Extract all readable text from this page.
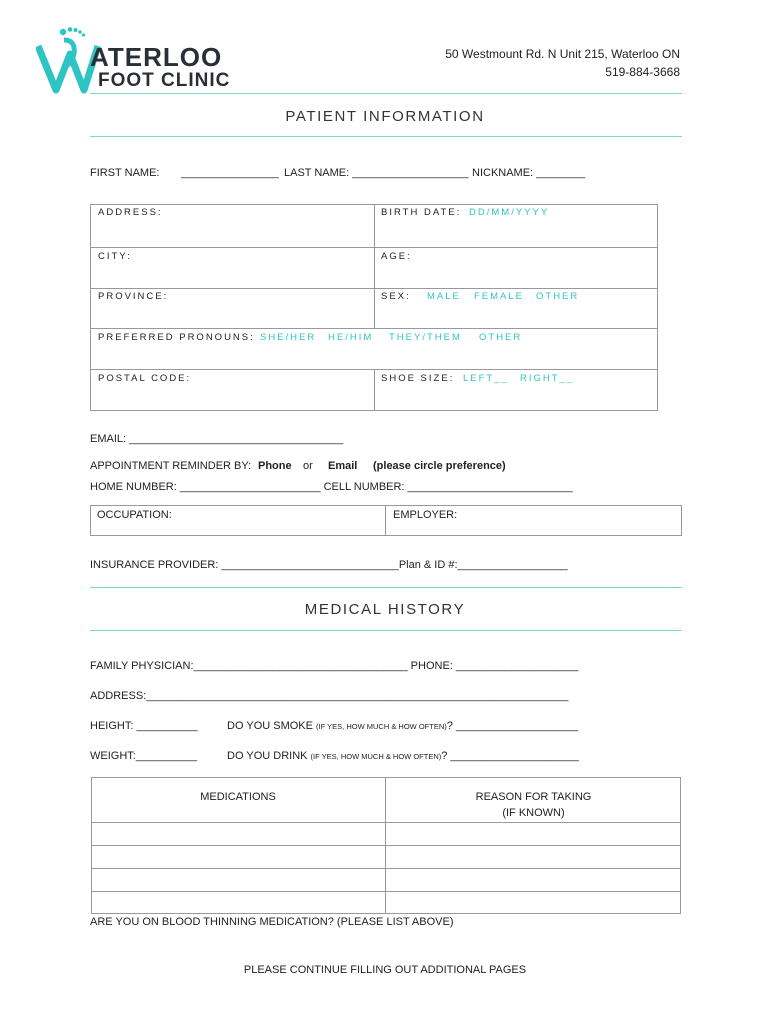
ATERLOO
FOOT CLINIC
50 Westmount Rd. N Unit 215, Waterloo ON
519-884-3668
PATIENT INFORMATION
FIRST NAME: ________________ LAST NAME: ___________________ NICKNAME: ________
ADDRESS:	BIRTH DATE: DD/MM/YYYY
CITY:	AGE:
PROVINCE:	SEX: MALE FEMALE OTHER
PREFERRED PRONOUNS: SHE/HER HE/HIM THEY/THEM OTHER
POSTAL CODE:	SHOE SIZE: LEFT__ RIGHT__
EMAIL: ___________________________________
APPOINTMENT REMINDER BY: Phone or Email (please circle preference)
HOME NUMBER: _______________________ CELL NUMBER: ___________________________
OCCUPATION:	EMPLOYER:
INSURANCE PROVIDER: _____________________________Plan & ID #:__________________
MEDICAL HISTORY
FAMILY PHYSICIAN:___________________________________ PHONE: ____________________
ADDRESS:_____________________________________________________________________
HEIGHT: __________	DO YOU SMOKE (IF YES, HOW MUCH & HOW OFTEN)? ____________________
WEIGHT:__________	DO YOU DRINK (IF YES, HOW MUCH & HOW OFTEN)? _____________________
MEDICATIONS	REASON FOR TAKING
(IF KNOWN)
ARE YOU ON BLOOD THINNING MEDICATION? (PLEASE LIST ABOVE)
PLEASE CONTINUE FILLING OUT ADDITIONAL PAGES
